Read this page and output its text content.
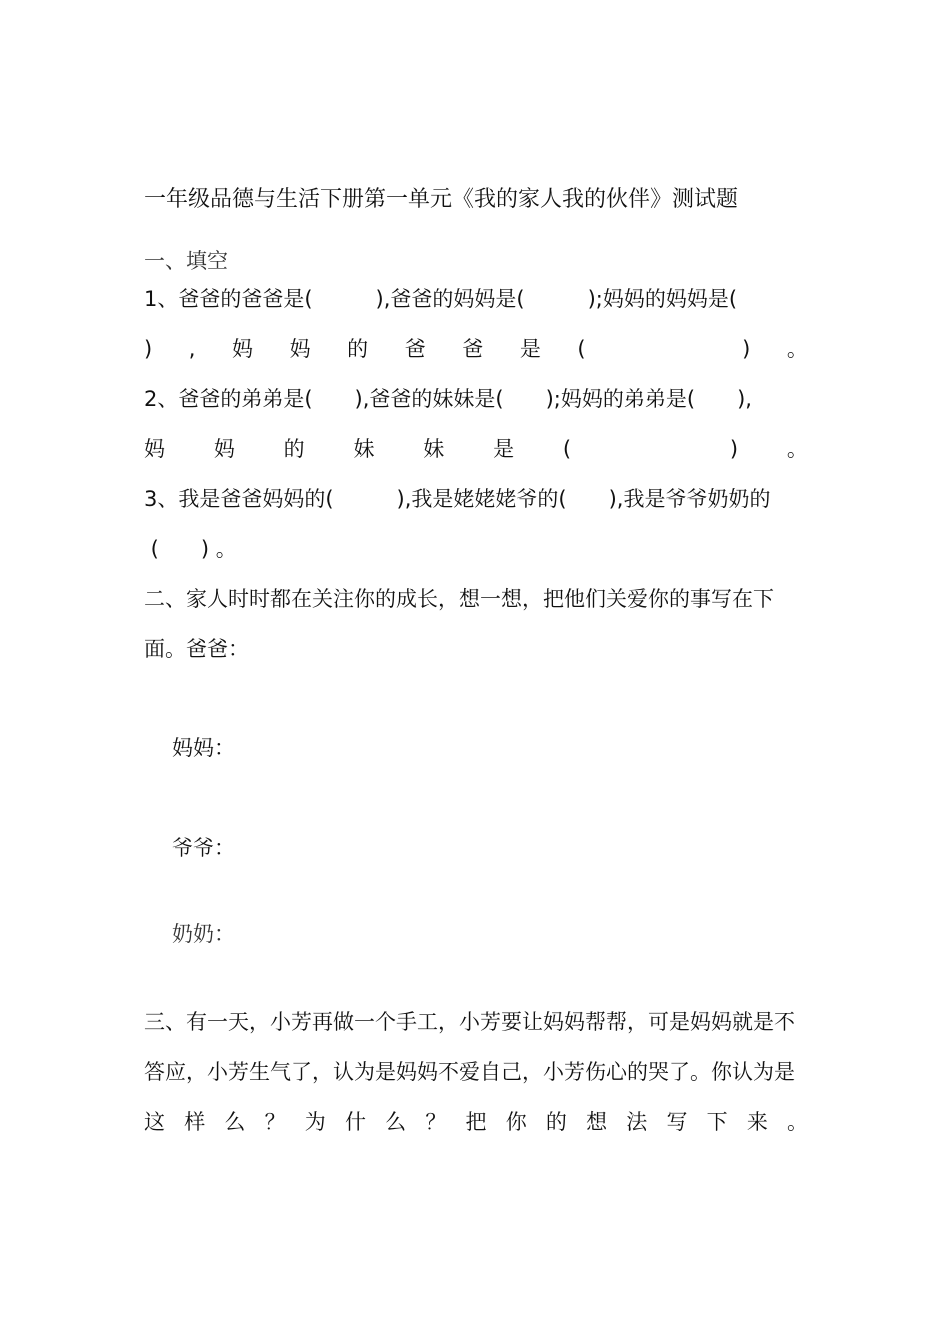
一年级品德与生活下册第一单元《我的家人我的伙伴》测试题
一、填空
1、爸爸的爸爸是(　　　),爸爸的妈妈是(　　　);妈妈的妈妈是(
) , 妈 妈 的 爸 爸 是 (	) 。
2、爸爸的弟弟是(　　),爸爸的妹妹是(　　);妈妈的弟弟是(　　),
妈 妈 的 妹 妹 是 (	) 。
3、我是爸爸妈妈的(　　　),我是姥姥姥爷的(　　),我是爷爷奶奶的
(　　) 。
二、家人时时都在关注你的成长，想一想，把他们关爱你的事写在下
面。爸爸：
妈妈：
爷爷：
奶奶：
三、有一天，小芳再做一个手工，小芳要让妈妈帮帮，可是妈妈就是不
答应，小芳生气了，认为是妈妈不爱自己，小芳伤心的哭了。你认为是
这 样 么 ？ 为 什 么 ？ 把 你 的 想 法 写 下 来 。
